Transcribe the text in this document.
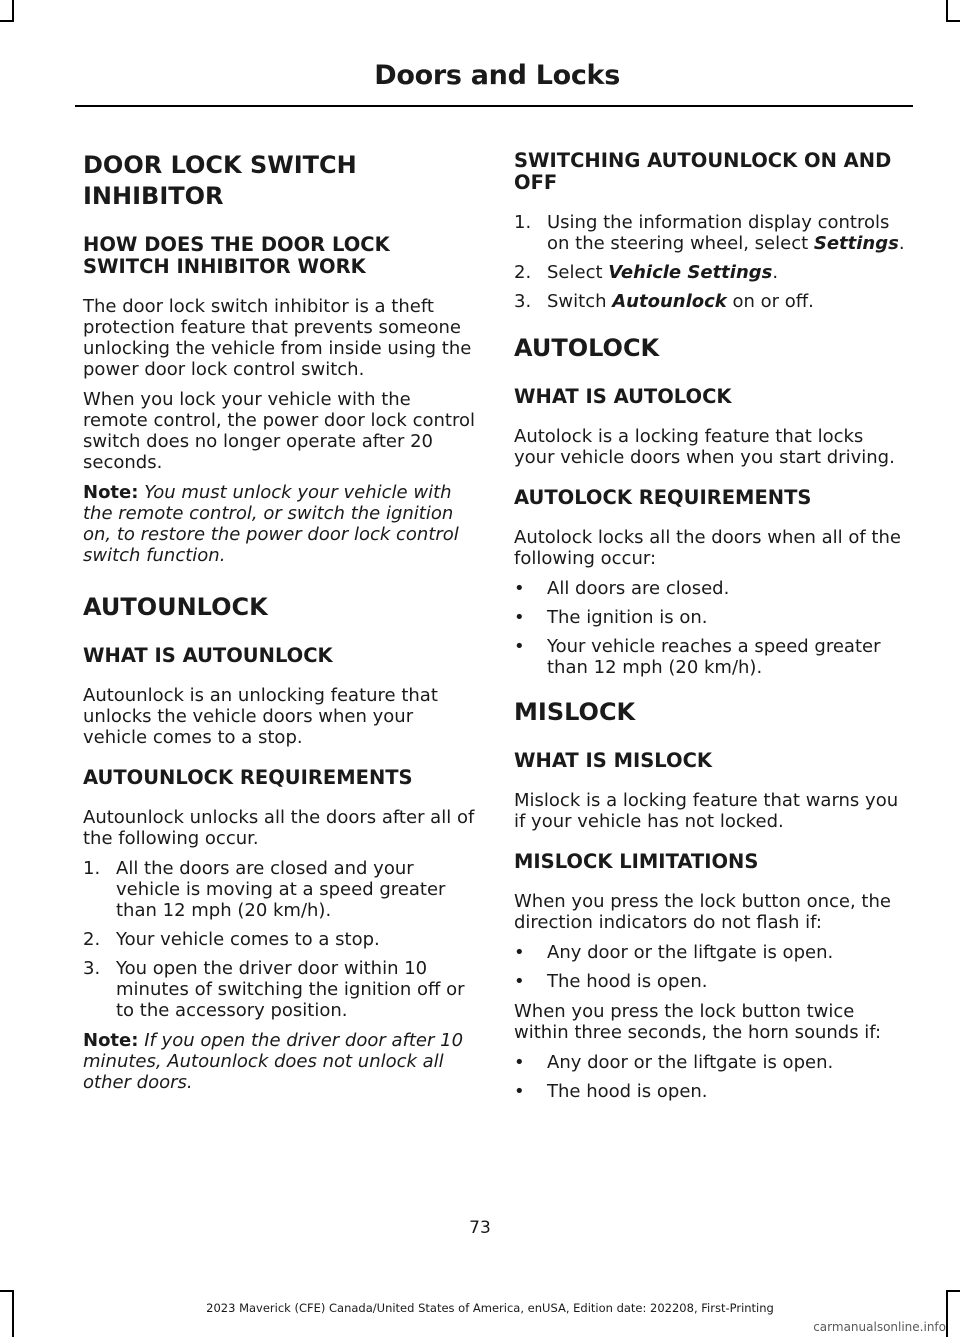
Doors and Locks
DOOR LOCK SWITCH INHIBITOR
HOW DOES THE DOOR LOCK SWITCH INHIBITOR WORK

The door lock switch inhibitor is a theft protection feature that prevents someone unlocking the vehicle from inside using the power door lock control switch.

When you lock your vehicle with the remote control, the power door lock control switch does no longer operate after 20 seconds.

Note: You must unlock your vehicle with the remote control, or switch the ignition on, to restore the power door lock control switch function.

AUTOUNLOCK
WHAT IS AUTOUNLOCK

Autounlock is an unlocking feature that unlocks the vehicle doors when your vehicle comes to a stop.

AUTOUNLOCK REQUIREMENTS

Autounlock unlocks all the doors after all of the following occur.

1. All the doors are closed and your vehicle is moving at a speed greater than 12 mph (20 km/h).
2. Your vehicle comes to a stop.
3. You open the driver door within 10 minutes of switching the ignition off or to the accessory position.

Note: If you open the driver door after 10 minutes, Autounlock does not unlock all other doors.

SWITCHING AUTOUNLOCK ON AND OFF
1. Using the information display controls on the steering wheel, select Settings.
2. Select Vehicle Settings.
3. Switch Autounlock on or off.
AUTOLOCK
WHAT IS AUTOLOCK

Autolock is a locking feature that locks your vehicle doors when you start driving.

AUTOLOCK REQUIREMENTS

Autolock locks all the doors when all of the following occur:

• All doors are closed.
• The ignition is on.
• Your vehicle reaches a speed greater than 12 mph (20 km/h).
MISLOCK
WHAT IS MISLOCK

Mislock is a locking feature that warns you if your vehicle has not locked.

MISLOCK LIMITATIONS

When you press the lock button once, the direction indicators do not flash if:

• Any door or the liftgate is open.
• The hood is open.

When you press the lock button twice within three seconds, the horn sounds if:

• Any door or the liftgate is open.
• The hood is open.
73
2023 Maverick (CFE) Canada/United States of America, enUSA, Edition date: 202208, First-Printing
carmanualsonline.info
